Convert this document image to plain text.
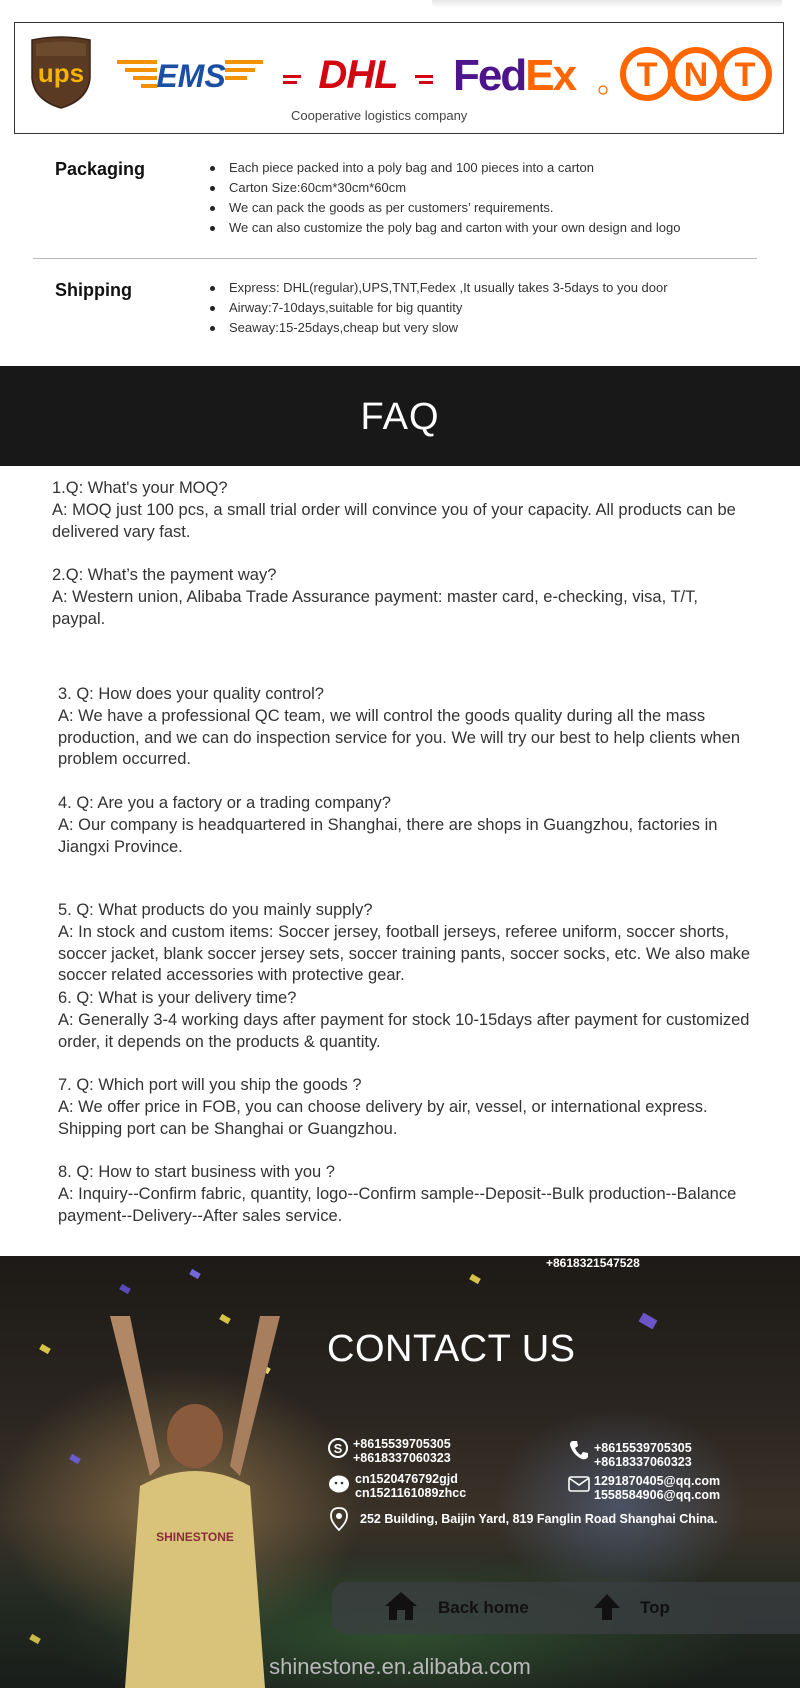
ups EMS DHL FedEx T N T
Cooperative logistics company
Packaging	Each piece packed into a poly bag and 100 pieces into a carton
Carton Size:60cm*30cm*60cm
We can pack the goods as per customers’ requirements.
We can also customize the poly bag and carton with your own design and logo
Shipping	Express: DHL(regular),UPS,TNT,Fedex ,It usually takes 3-5days to you door
Airway:7-10days,suitable for big quantity
Seaway:15-25days,cheap but very slow
FAQ

1.Q: What's your MOQ?

A: MOQ just 100 pcs, a small trial order will convince you of your capacity. All products can be delivered vary fast.

2.Q: What’s the payment way?

A: Western union, Alibaba Trade Assurance payment: master card, e-checking, visa, T/T, paypal.

3. Q: How does your quality control?

A: We have a professional QC team, we will control the goods quality during all the mass production, and we can do inspection service for you. We will try our best to help clients when problem occurred.

4. Q: Are you a factory or a trading company?

A: Our company is headquartered in Shanghai, there are shops in Guangzhou, factories in Jiangxi Province.

5. Q: What products do you mainly supply?

A: In stock and custom items: Soccer jersey, football jerseys, referee uniform, soccer shorts, soccer jacket, blank soccer jersey sets, soccer training pants, soccer socks, etc. We also make soccer related accessories with protective gear.

6. Q: What is your delivery time?

A: Generally 3-4 working days after payment for stock 10-15days after payment for customized order, it depends on the products & quantity.

7. Q: Which port will you ship the goods ?

A: We offer price in FOB, you can choose delivery by air, vessel, or international express. Shipping port can be Shanghai or Guangzhou.

8. Q: How to start business with you ?

A: Inquiry--Confirm fabric, quantity, logo--Confirm sample--Deposit--Bulk production--Balance payment--Delivery--After sales service.

SHINESTONE
+8618321547528
CONTACT US
S +8615539705305
+8618337060323
+8615539705305
+8618337060323
cn1520476792gjd
cn1521161089zhcc
1291870405@qq.com
1558584906@qq.com
252 Building, Baijin Yard, 819 Fanglin Road Shanghai China.
Back home	Top
shinestone.en.alibaba.com
